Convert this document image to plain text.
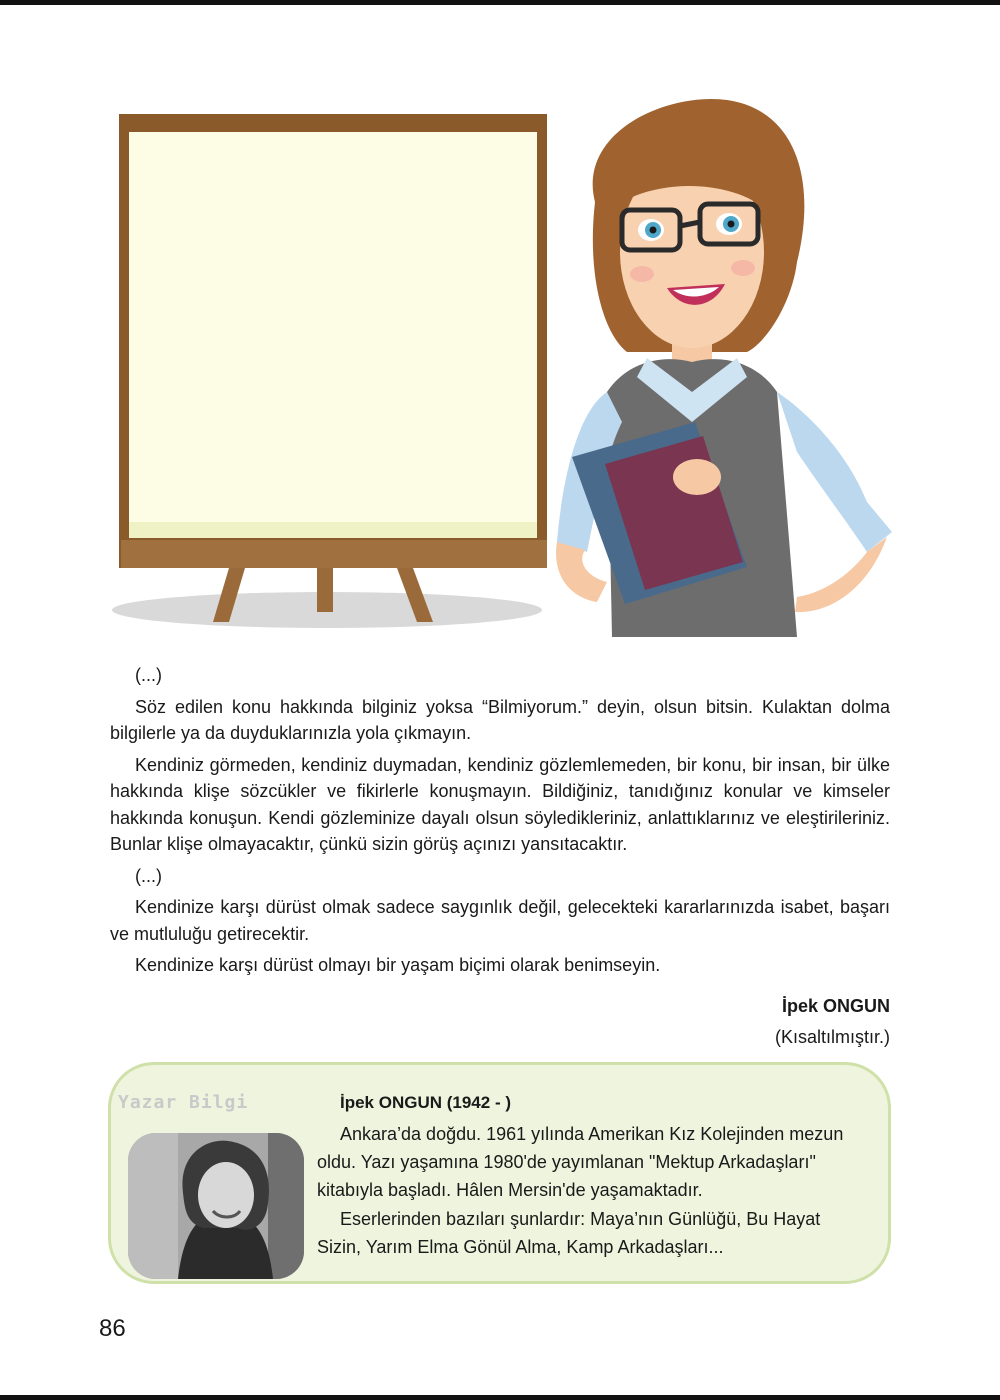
(...)

Söz edilen konu hakkında bilginiz yoksa “Bilmiyorum.” deyin, olsun bitsin. Kulaktan dolma bilgilerle ya da duyduklarınızla yola çıkmayın.

Kendiniz görmeden, kendiniz duymadan, kendiniz gözlemlemeden, bir konu, bir insan, bir ülke hakkında klişe sözcükler ve fikirlerle konuşmayın. Bildiğiniz, tanıdığınız konular ve kimseler hakkında konuşun. Kendi gözleminize dayalı olsun söyledikleriniz, anlattıklarınız ve eleştirileriniz. Bunlar klişe olmayacaktır, çünkü sizin görüş açınızı yansıtacaktır.

(...)

Kendinize karşı dürüst olmak sadece saygınlık değil, gelecekteki kararlarınızda isabet, başarı ve mutluluğu getirecektir.

Kendinize karşı dürüst olmayı bir yaşam biçimi olarak benimseyin.

İpek ONGUN
(Kısaltılmıştır.)
Yazar Bilgi	İpek ONGUN (1942 - )

Ankara’da doğdu. 1961 yılında Amerikan Kız Kolejinden mezun oldu. Yazı yaşamına 1980'de yayımlanan "Mektup Arkadaşları" kitabıyla başladı. Hâlen Mersin'de yaşamaktadır.

Eserlerinden bazıları şunlardır: Maya’nın Günlüğü, Bu Hayat Sizin, Yarım Elma Gönül Alma, Kamp Arkadaşları...

86
